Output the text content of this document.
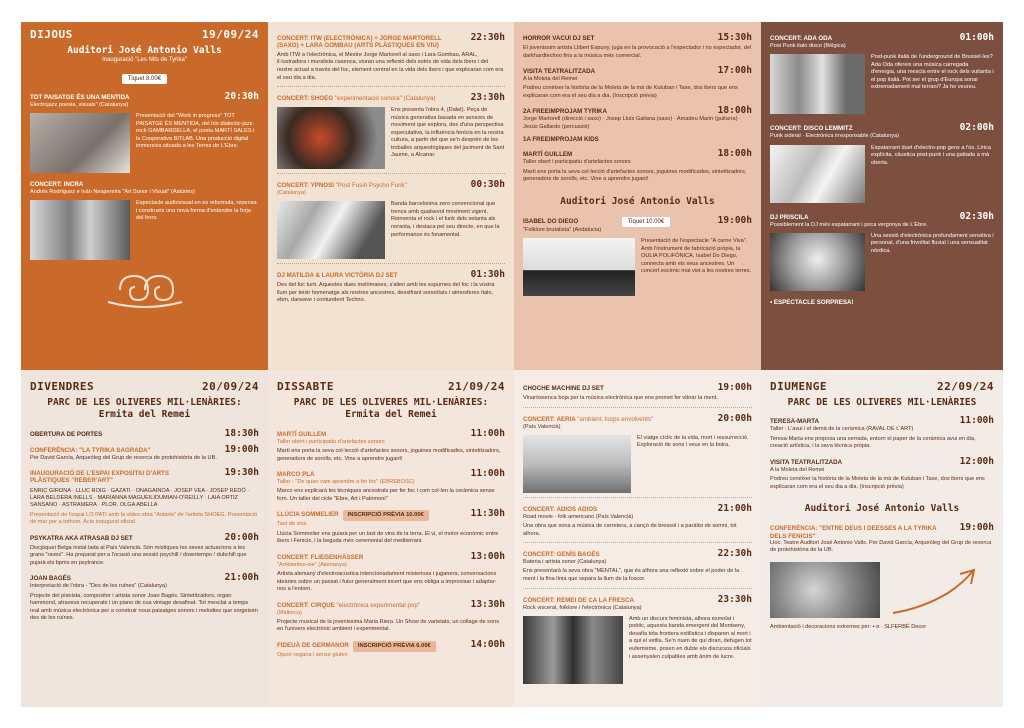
DIJOUS	19/09/24
Auditori José Antonio Valls
Inauguració "Les Nits de Tyrika"
Tiquet 8.00€
TOT PAISATGE ÉS UNA MENTIDA	20:30h
Electrojazz poesia, visuals" (Catalunya)
Presentació del "Work in progress" TOT PAISATGE ÉS MENTIDA, del trio dialectic-jazz-rock GAMBARDELLA, el poeta MARTÍ SALES i la Cooperativa BITLAB. Una producció digital immersiva situada a les Terres de L'Ebre.
CONCERT: INCRA
Andrés Rodríguez e Iván Nespereira "Art Sonor i Visual" (Astúries)
Espectacle audiovisual en es reformula, repensa i construeix una nova forma d'entendre la forja del ferro.
CONCERT: ITW (ELECTRÒNICA) + JORGE MARTORELL (SAXO) + LARA GOMBAU (ARTS PLÀSTIQUES EN VIU)
22:30h
Amb ITW a l'electrònica, el Mestre Jorge Martorell al saxo i Lara Gombau, ARAL, il·lustradora i muralista casenca, viuran una reflexió dels estris de vida dels ibers i del nostre actual a través del foc, element central en la vida dels ibers i que explicaran com era el seu dia a dia.
CONCERT: SHOEG "experimentació sonora" (Catalunya)	23:30h
Ens presenta l'obra 4, (Dalet). Peça de música generativa basada en sensors de moviment que explora, des d'una perspectiva especulativa, la influència fenícia en la nostra cultura, a partir del que se'n desprèn de les troballes arqueològiques del jaciment de Sant Jaume, a Alcanar.
CONCERT: YPNOSI "Post Fusió Psycho Funk"	00:30h
(Catalunya)
Banda barcelonina zero convencional que trenca amb qualsevol moviment vigent. Reinventa el rock i el funk dels setanta als noranta, i destaca pel seu directe, en que la performance és fonamental.
DJ MATILDA & LAURA VICTÒRIA DJ SET	01:30h
Des del foc turó. Aquestes dues melòmanes, s'alien amb les espurnes del foc i la vostra llum per teixir homenatge als nostres ancestres, desxifrant sonoritats i atmosferes ítalo, ebm, darwave i contundent Techno.
HORROR VACUI DJ SET	15:30h
El jovenissim artista Llibert Espuny, juga en la provocació a l'espectador i no espectador, del darkhardtechno fins a la música més comercial.
VISITA TEATRALITZADA	17:00h
A la Moleta del Remei
Podreu conèixer la història de la Moleta de la mà de Kutuban i Taxe, dos ibers que ens explicaran com era el seu dia a dia. (Inscripció prèvia)
2A FREEIMPROJAM TYRIKA	18:00h
Jorge Martorell (direcció i saxo) · Josep Lluís Gallana (saxo) · Amadeu Marin (guitarra) · Jesús Gallardo (percussió)
1A FREEIMPROJAM KIDS
MARTÍ GUILLEM	18:00h
Taller obert i participatiu d'artefactes sonors
Martí ens porta la seva col·lecció d'artefactes sonors, joguines modificades, sintetitzadors, generadors de sorolls, etc. Vine a aprendre jugant!
Auditori José Antonio Valls
ISABEL DO DIEGO	Tiquet 10.00€	19:00h
"Folklore brutalista" (Andalucía)
Presentació de l'espectacle "A carne Viva". Amb l'instrument de fabricació pròpia, la OULIA POLIFÒNICA, Isabel Do Diego, connecta amb els seus ancestres. Un concert escènic mai vist a les nostres terres.
CONCERT: ADA ODA	01:00h
Post Punk italo disco (Bèlgica)
Post-punk italià de l'underground de Brussel·les? Ada Oda ofereix una música carregada d'energia, una mescla entre el rock dels vuitanta i el pop italià. Pot ser el grup d'Europa sonar extremadament mal terrani? Ja ho veureu.
CONCERT: DISCO LEMMITZ	02:00h
Punk sideral · Electrònica irresponsable (Catalunya)
Espatarrant duet d'electro-pop gens a l'ús. Lírica explícita, càustica post-punk i una gattada a mà oberta.
DJ PRISCILA	02:30h
Possiblement la DJ més espatarrant i poca vergonya de L'Ebre.
Una sessió d'electrònica profundament sensitiva i personal, d'una frivolitat fluvial i una sensualitat nòrdica.
• ESPECTACLE SORPRESA!
DIVENDRES	20/09/24
PARC DE LES OLIVERES MIL·LENÀRIES:
Ermita del Remei
OBERTURA DE PORTES	18:30h
CONFERÈNCIA: "LA TYRIKA SAGRADA"	19:00h
Per David García, Arqueòleg del Grup de recerca de protohistòria de la UB.
INAUGURACIÓ DE L'ESPAI EXPOSITIU D'ARTS PLÀSTIQUES "REBER'ART"
19:30h
ENRIC GIRONA · LLUC ROIG · GAZATI · ONAGAINOA · JOSEP VEA · JOSEP REDÓ · LARA BELDERA INELLS · MARIANNA MAGUEILIDUMIAN-O'REILLY · LAIA ORTIZ SANSANO · ASTRAMERA · PLOR. OLGA ABELLA
Presentació de l'espai LO PATI amb la video obra "Astarte" de l'artista SHOEG. Presentació de mar per a tothom. Acte inaugural oficial.
PSYKATRA AKA ATRASAB DJ SET	20:00h
Discjòquei Belga instal·lada al País Valencià. Són místiques les seves actuacions a les grans "raves". Ha preparat per a l'ocasió una sessió psychill / downtempo / dubchill que pujarà els bpms en psytrance.
JOAN BAGÉS	21:00h
Interpretació de l'obra - "Des de les ruïnes" (Catalunya)
Projecte del pianista, compositor i artista sonor Joan Bagés. Sintetitzadors, organ hammond, atraveus recuperats i un piano de cua vintage desafinat. Tot mesclat a temps real amb música electrònica per a construir nous paisatges sonors i melodies que sorgeixen des de les ruïnes.
DISSABTE	21/09/24
PARC DE LES OLIVERES MIL·LENÀRIES:
Ermita del Remei
MARTÍ GUILLEM	11:00h
Taller obert i participatiu d'artefactes sonors
Martí ens porta la seva col·lecció d'artefactes sonors, joguines modificades, sintetitzadors, generadors de sorolls, etc. Vine a aprendre jugant!
MARCO PLA	11:00h
Taller - "De quan vam aprendre a fer foc" (EBREBOSC)
Marco ens explicarà les tècniques ancestrals per fer foc i com col·len la ceràmica sense forn. Un taller del cicle "Ebre, Art i Patrimoni"
LLÚCIA SOMMELIER INSCRIPCIÓ PRÈVIA 10.00€	11:30h
Tast de vins
Llúcia Sommelier ens guiarà per un tast de vins de la terra. El vi, el motor econòmic entre ibers i Fenicis, i la beguda més ceremonial del mediterrani.
CONCERT: FLIEGENHÄSSER	13:00h
"Ambientno-ise" (Alemanya)
Artista alemany d'electroacústica intencionadament misteriosa i juganera, conversacions ideàries sobre un passat i futur generalment incert que ens obliga a improvisar i adaptar-nos a l'entorn.
CONCERT: CIRQUE "electrònica experimental pop"	13:30h
(Mallorca)
Projecte musical de la jovenissima Maria Riera. Un Show de varietats, un collage de sons en l'univers electrònic ambient i experimental.
FIDEUÀ DE GERMANOR INSCRIPCIÓ PRÈVIA 6.00€	14:00h
Opció vegana i sense gluten
CHOCHE MACHINE DJ SET	19:00h
Vinaròssenca boja per la música electrònica que ens promet fer vibrar la ment.
CONCERT: AERIA "ambient, loops envolvents"	20:00h
(País Valencià)
El viatge cíclic de la vida, mort i ressurrecció. Exploració de sons i veus en la boira.
CONCERT: ADIOS ADIOS	21:00h
Road movie - folk americano (País Valencià)
Una obra que sona a música de carretera, a cançó de bressol i a paràlisi de somni, tot alhora.
CONCERT: GENÍS BAGÉS	22:30h
Bateria i artista sonor (Catalunya)
Ens presentarà la seva obra "MENTAL", que és alhora una reflexió sobre el poder de la ment i la fina línia que separa la llum de la foscor.
CONCERT: REMEI DE CA LA FRESCA	23:30h
Rock visceral, folklore i l'electrònica (Catalunya)
Amb un discurs feminista, alhora esmolat i poètic, aquesta banda emergent del Montseny, desafia tota frontera estilística i disparen al mort i a qui el vetlla. Se'n riuen de qui diran, defugen tot eufemisme, posen en dubte els discursos oficials i assenyalen culpables amb ànim de lucre.
DIUMENGE	22/09/24
PARC DE LES OLIVERES MIL·LENÀRIES
TERESA-MARTA	11:00h
Taller : L'avui i el demà de la ceràmica (RAVAL DE L'ART)
Teresa-Marta ens proposa una xerrada, entorn el paper de la ceràmica avui en dia, creació artística, i la seva tècnica pròpia.
VISITA TEATRALITZADA	12:00h
A la Moleta del Remei
Podreu conèixer la història de la Moleta de la mà de Kutuban i Taxe, dos ibers que ens explicaran com era el seu dia a dia. (Inscripció prèvia)
Auditori José Antonio Valls
CONFERÈNCIA: "ENTRE DEUS I DEESSES A LA TYRIKA DELS FENICIS"
19:00h
Lloc: Teatre Auditori José Antonio Valls. Per David García, Arqueòleg del Grup de recerca de protohistòria de la UB.
Ambientació i decoracions extremes per: • o · SLFERBÉ Decor
